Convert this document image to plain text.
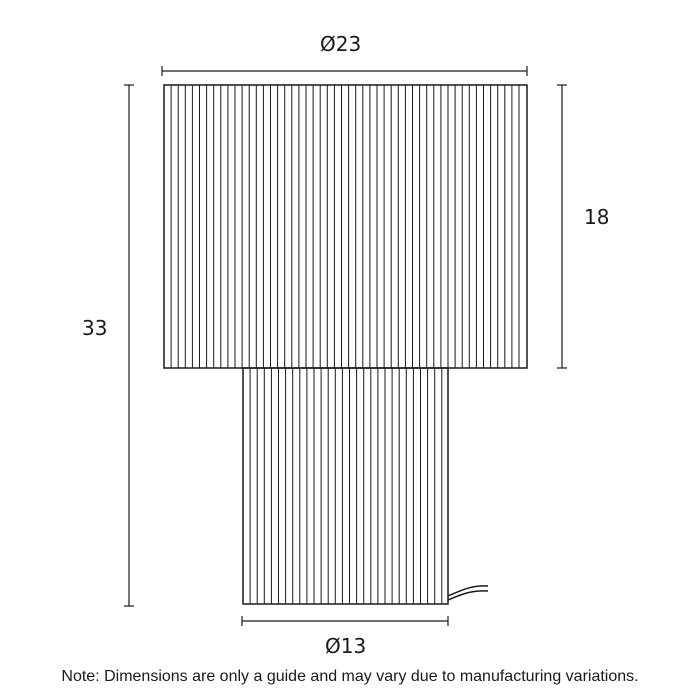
Ø23
18
33
Ø13
Note: Dimensions are only a guide and may vary due to manufacturing variations.
